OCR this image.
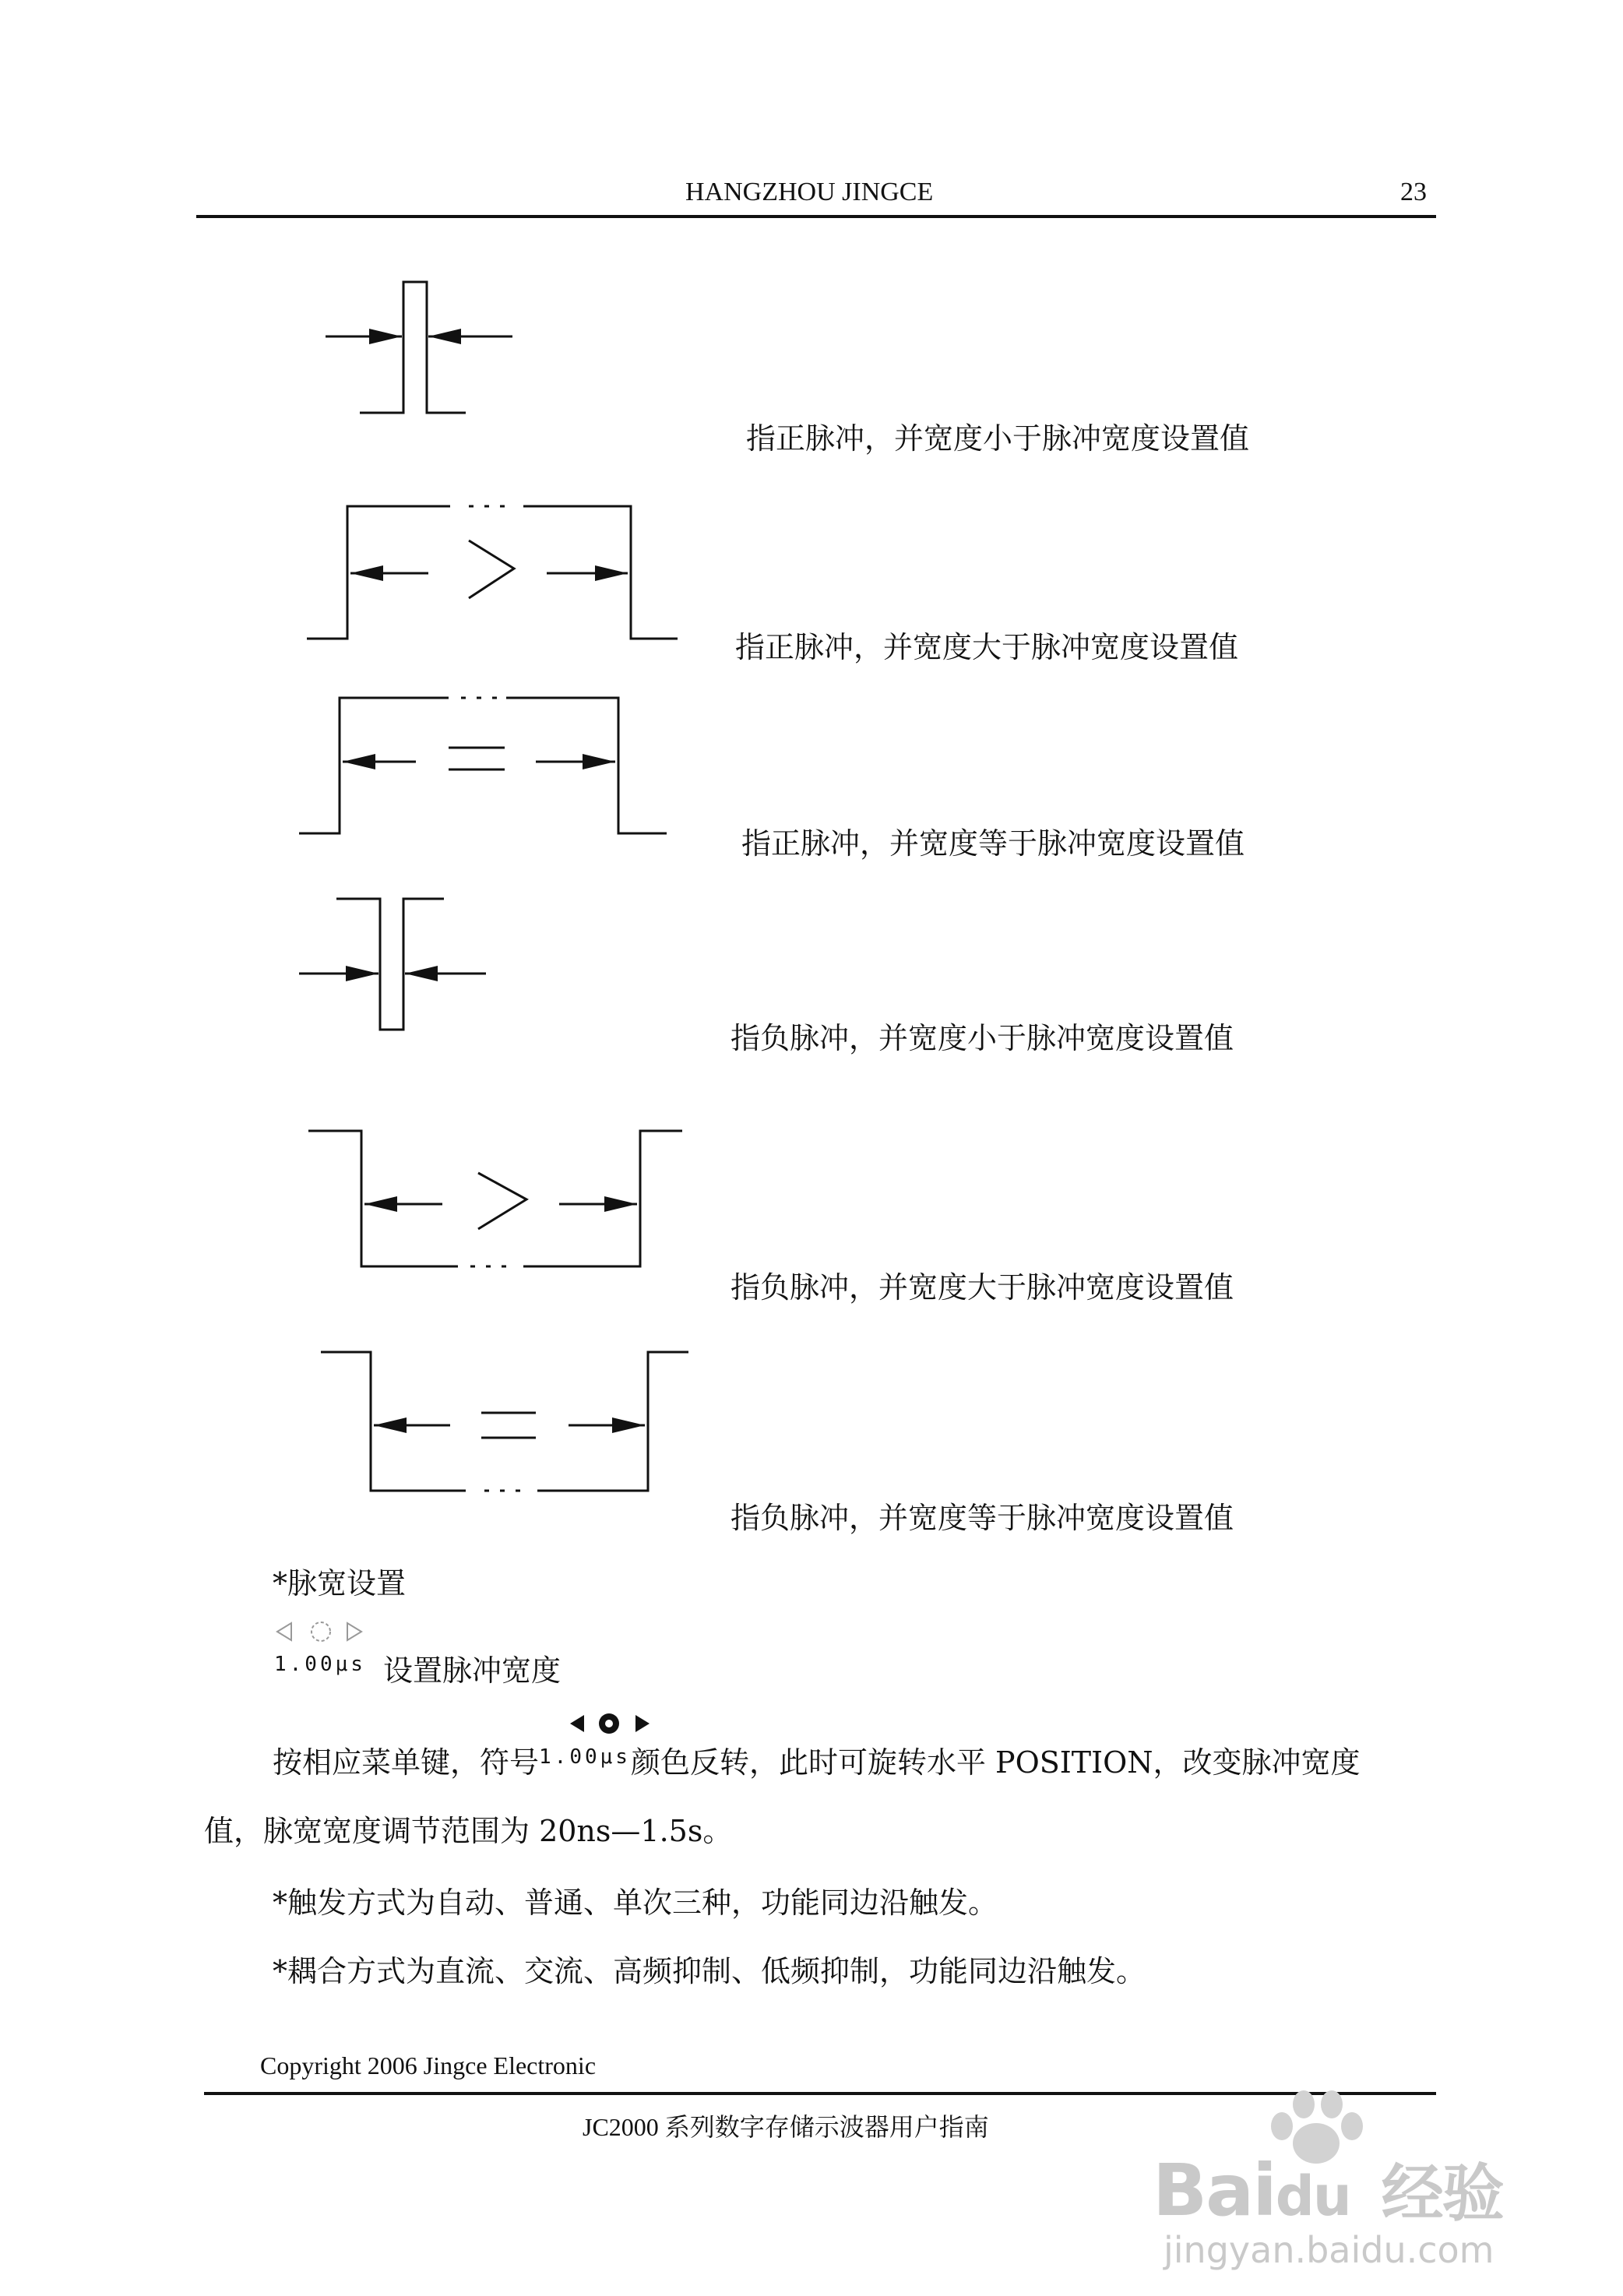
HANGZHOU JINGCE	23
指正脉冲，并宽度小于脉冲宽度设置值
指正脉冲，并宽度大于脉冲宽度设置值
指正脉冲，并宽度等于脉冲宽度设置值
指负脉冲，并宽度小于脉冲宽度设置值
指负脉冲，并宽度大于脉冲宽度设置值
指负脉冲，并宽度等于脉冲宽度设置值
*脉宽设置
1.00μs 设置脉冲宽度
按相应菜单键，符号$^{1.00\mu s}$颜色反转，此时可旋转水平 POSITION，改变脉冲宽度
值，脉宽宽度调节范围为 20ns—1.5s。
*触发方式为自动、普通、单次三种，功能同边沿触发。
*耦合方式为直流、交流、高频抑制、低频抑制，功能同边沿触发。
Copyright 2006 Jingce Electronic
JC2000 系列数字存储示波器用户指南
Baidu 经验
jingyan.baidu.com
